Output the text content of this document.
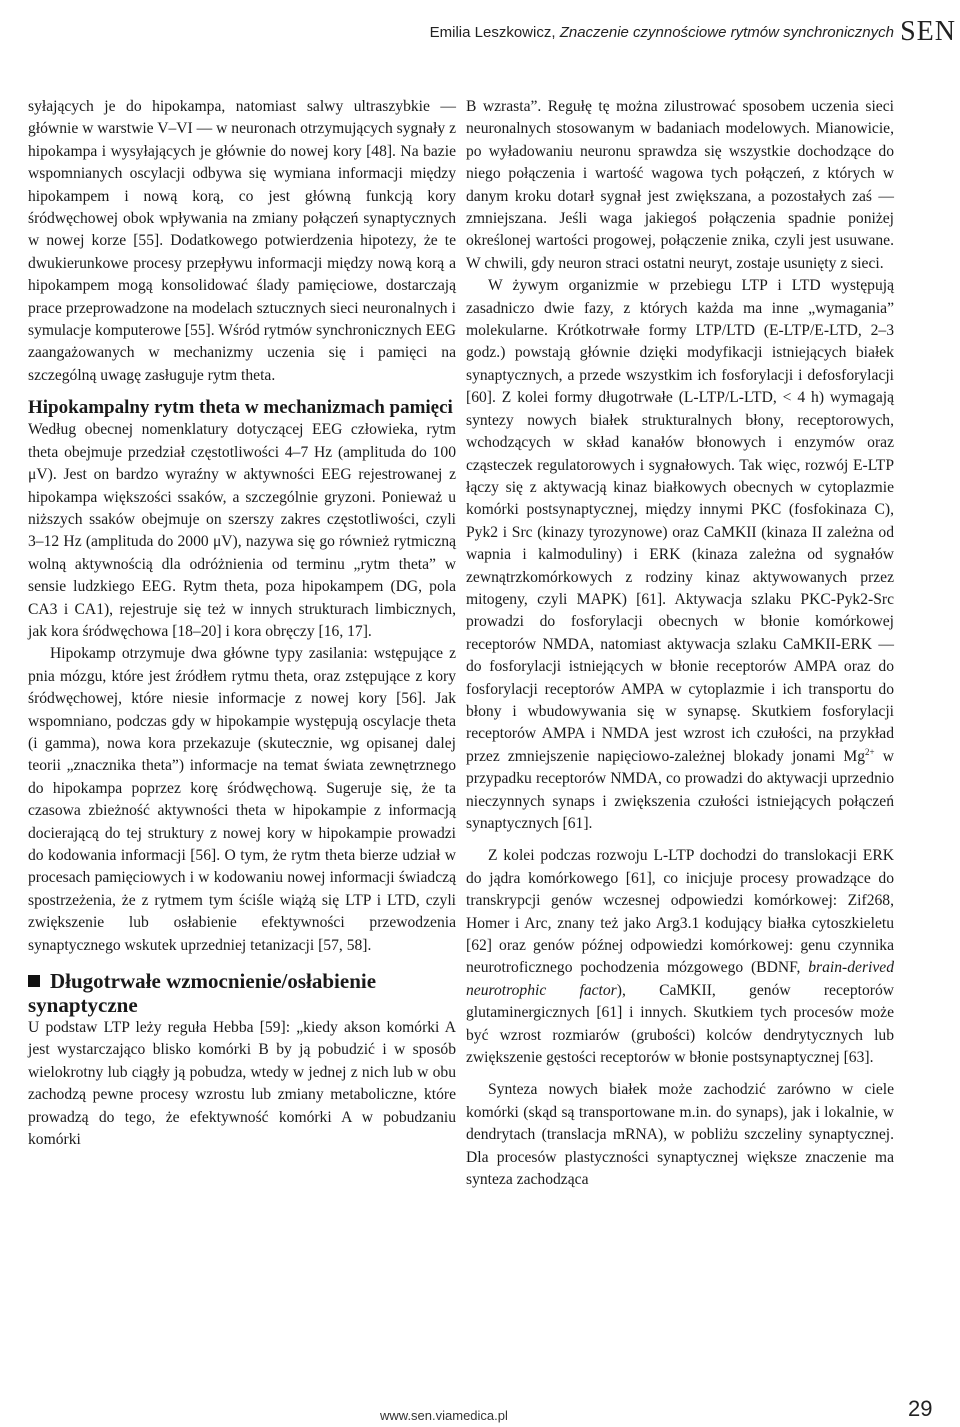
Emilia Leszkowicz, Znaczenie czynnościowe rytmów synchronicznych SEN

syłających je do hipokampa, natomiast salwy ultraszybkie — głównie w warstwie V–VI — w neuronach otrzymujących sygnały z hipokampa i wysyłających je głównie do nowej kory [48]. Na bazie wspomnianych oscylacji odbywa się wymiana informacji między hipokampem i nową korą, co jest główną funkcją kory śródwęchowej obok wpływania na zmiany połączeń synaptycznych w nowej korze [55]. Dodatkowego potwierdzenia hipotezy, że te dwukierunkowe procesy przepływu informacji między nową korą a hipokampem mogą konsolidować ślady pamięciowe, dostarczają prace przeprowadzone na modelach sztucznych sieci neuronalnych i symulacje komputerowe [55]. Wśród rytmów synchronicznych EEG zaangażowanych w mechanizmy uczenia się i pamięci na szczególną uwagę zasługuje rytm theta.

Hipokampalny rytm theta w mechanizmach pamięci

Według obecnej nomenklatury dotyczącej EEG człowieka, rytm theta obejmuje przedział częstotliwości 4–7 Hz (amplituda do 100 μV). Jest on bardzo wyraźny w aktywności EEG rejestrowanej z hipokampa większości ssaków, a szczególnie gryzoni. Ponieważ u niższych ssaków obejmuje on szerszy zakres częstotliwości, czyli 3–12 Hz (amplituda do 2000 μV), nazywa się go również rytmiczną wolną aktywnością dla odróżnienia od terminu „rytm theta” w sensie ludzkiego EEG. Rytm theta, poza hipokampem (DG, pola CA3 i CA1), rejestruje się też w innych strukturach limbicznych, jak kora śródwęchowa [18–20] i kora obręczy [16, 17].

Hipokamp otrzymuje dwa główne typy zasilania: wstępujące z pnia mózgu, które jest źródłem rytmu theta, oraz zstępujące z kory śródwęchowej, które niesie informacje z nowej kory [56]. Jak wspomniano, podczas gdy w hipokampie występują oscylacje theta (i gamma), nowa kora przekazuje (skutecznie, wg opisanej dalej teorii „znacznika theta”) informacje na temat świata zewnętrznego do hipokampa poprzez korę śródwęchową. Sugeruje się, że ta czasowa zbieżność aktywności theta w hipokampie z informacją docierającą do tej struktury z nowej kory w hipokampie prowadzi do kodowania informacji [56]. O tym, że rytm theta bierze udział w procesach pamięciowych i w kodowaniu nowej informacji świadczą spostrzeżenia, że z rytmem tym ściśle wiążą się LTP i LTD, czyli zwiększenie lub osłabienie efektywności przewodzenia synaptycznego wskutek uprzedniej tetanizacji [57, 58].

Długotrwałe wzmocnienie/osłabienie synaptyczne

U podstaw LTP leży reguła Hebba [59]: „kiedy akson komórki A jest wystarczająco blisko komórki B by ją pobudzić i w sposób wielokrotny lub ciągły ją pobudza, wtedy w jednej z nich lub w obu zachodzą pewne procesy wzrostu lub zmiany metaboliczne, które prowadzą do tego, że efektywność komórki A w pobudzaniu komórki

B wzrasta”. Regułę tę można zilustrować sposobem uczenia sieci neuronalnych stosowanym w badaniach modelowych. Mianowicie, po wyładowaniu neuronu sprawdza się wszystkie dochodzące do niego połączenia i wartość wagowa tych połączeń, z których w danym kroku dotarł sygnał jest zwiększana, a pozostałych zaś — zmniejszana. Jeśli waga jakiegoś połączenia spadnie poniżej określonej wartości progowej, połączenie znika, czyli jest usuwane. W chwili, gdy neuron straci ostatni neuryt, zostaje usunięty z sieci.

W żywym organizmie w przebiegu LTP i LTD występują zasadniczo dwie fazy, z których każda ma inne „wymagania” molekularne. Krótkotrwałe formy LTP/LTD (E-LTP/E-LTD, 2–3 godz.) powstają głównie dzięki modyfikacji istniejących białek synaptycznych, a przede wszystkim ich fosforylacji i defosforylacji [60]. Z kolei formy długotrwałe (L-LTP/L-LTD, < 4 h) wymagają syntezy nowych białek strukturalnych błony, receptorowych, wchodzących w skład kanałów błonowych i enzymów oraz cząsteczek regulatorowych i sygnałowych. Tak więc, rozwój E-LTP łączy się z aktywacją kinaz białkowych obecnych w cytoplazmie komórki postsynaptycznej, między innymi PKC (fosfokinaza C), Pyk2 i Src (kinazy tyrozynowe) oraz CaMKII (kinaza II zależna od wapnia i kalmoduliny) i ERK (kinaza zależna od sygnałów zewnątrzkomórkowych z rodziny kinaz aktywowanych przez mitogeny, czyli MAPK) [61]. Aktywacja szlaku PKC-Pyk2-Src prowadzi do fosforylacji obecnych w błonie komórkowej receptorów NMDA, natomiast aktywacja szlaku CaMKII-ERK — do fosforylacji istniejących w błonie receptorów AMPA oraz do fosforylacji receptorów AMPA w cytoplazmie i ich transportu do błony i wbudowywania się w synapsę. Skutkiem fosforylacji receptorów AMPA i NMDA jest wzrost ich czułości, na przykład przez zmniejszenie napięciowo-zależnej blokady jonami $Mg^{2+}$ w przypadku receptorów NMDA, co prowadzi do aktywacji uprzednio nieczynnych synaps i zwiększenia czułości istniejących połączeń synaptycznych [61].

Z kolei podczas rozwoju L-LTP dochodzi do translokacji ERK do jądra komórkowego [61], co inicjuje procesy prowadzące do transkrypcji genów wczesnej odpowiedzi komórkowej: Zif268, Homer i Arc, znany też jako Arg3.1 kodujący białka cytoszkieletu [62] oraz genów późnej odpowiedzi komórkowej: genu czynnika neurotroficznego pochodzenia mózgowego (BDNF, brain-derived neurotrophic factor), CaMKII, genów receptorów glutaminergicznych [61] i innych. Skutkiem tych procesów może być wzrost rozmiarów (grubości) kolców dendrytycznych lub zwiększenie gęstości receptorów w błonie postsynaptycznej [63].

Synteza nowych białek może zachodzić zarówno w ciele komórki (skąd są transportowane m.in. do synaps), jak i lokalnie, w dendrytach (translacja mRNA), w pobliżu szczeliny synaptycznej. Dla procesów plastyczności synaptycznej większe znaczenie ma synteza zachodząca

www.sen.viamedica.pl	29
